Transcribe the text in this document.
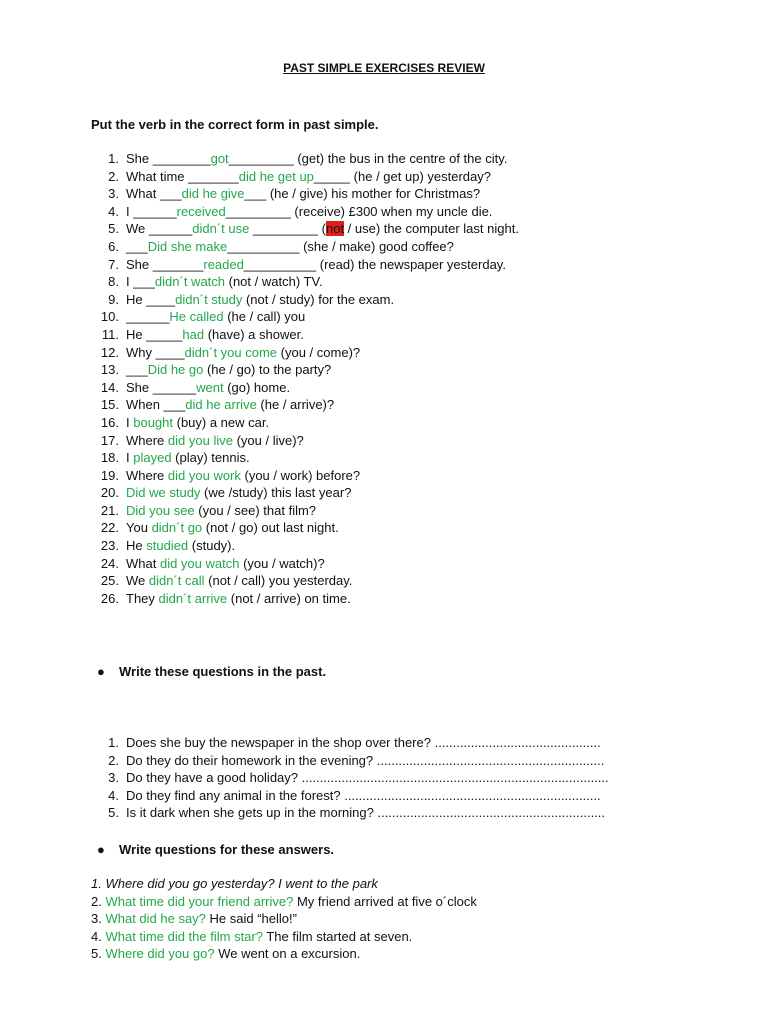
PAST SIMPLE EXERCISES REVIEW
Put the verb in the correct form in past simple.
1. She ________got_________ (get) the bus in the centre of the city.
2. What time _______did he get up_____ (he / get up) yesterday?
3. What ___did he give___ (he / give) his mother for Christmas?
4. I ______received_________ (receive) £300 when my uncle die.
5. We ______didn´t use _________ (not / use) the computer last night.
6. ___Did she make__________ (she / make) good coffee?
7. She _______readed__________ (read) the newspaper yesterday.
8. I ___didn´t watch (not / watch) TV.
9. He ____didn´t study (not / study) for the exam.
10. ______He called (he / call) you
11. He _____had (have) a shower.
12. Why ____didn´t you come (you / come)?
13. ___Did he go (he / go) to the party?
14. She ______went (go) home.
15. When ___did he arrive (he / arrive)?
16. I bought (buy) a new car.
17. Where did you live (you / live)?
18. I played (play) tennis.
19. Where did you work (you / work) before?
20. Did we study (we /study) this last year?
21. Did you see (you / see) that film?
22. You didn´t go (not / go) out last night.
23. He studied (study).
24. What did you watch (you / watch)?
25. We didn´t call (not / call) you yesterday.
26. They didn´t arrive (not / arrive) on time.
● Write these questions in the past.
1. Does she buy the newspaper in the shop over there? ..............................................
2. Do they do their homework in the evening? ...............................................................
3. Do they have a good holiday? .....................................................................................
4. Do they find any animal in the forest? .......................................................................
5. Is it dark when she gets up in the morning? ...............................................................
● Write questions for these answers.
1. Where did you go yesterday? I went to the park
2. What time did your friend arrive? My friend arrived at five o´clock
3. What did he say? He said “hello!”
4. What time did the film star? The film started at seven.
5. Where did you go? We went on a excursion.
